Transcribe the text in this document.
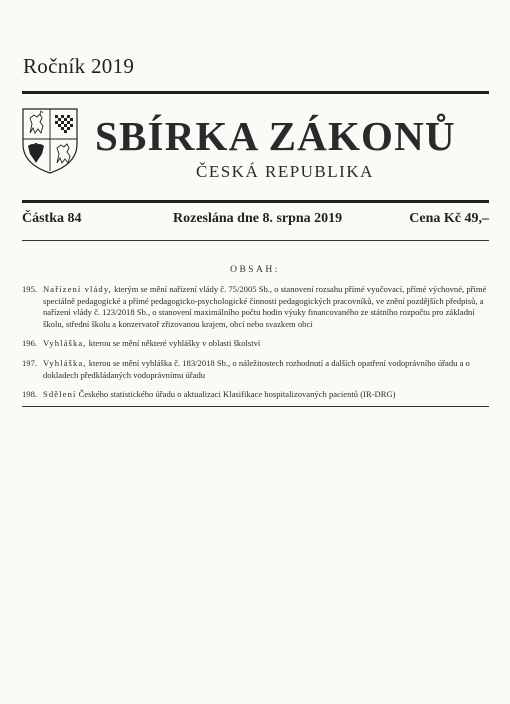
Ročník 2019
SBÍRKA ZÁKONŮ
ČESKÁ REPUBLIKA
Částka 84	Rozeslána dne 8. srpna 2019	Cena Kč 49,–
OBSAH:
195. Nařízení vlády, kterým se mění nařízení vlády č. 75/2005 Sb., o stanovení rozsahu přímé vyučovací, přímé výchovné, přímé speciálně pedagogické a přímé pedagogicko-psychologické činnosti pedagogických pracovníků, ve znění pozdějších předpisů, a nařízení vlády č. 123/2018 Sb., o stanovení maximálního počtu hodin výuky financovaného ze státního rozpočtu pro základní školu, střední školu a konzervatoř zřizovanou krajem, obcí nebo svazkem obcí
196. Vyhláška, kterou se mění některé vyhlášky v oblasti školství
197. Vyhláška, kterou se mění vyhláška č. 183/2018 Sb., o náležitostech rozhodnutí a dalších opatření vodoprávního úřadu a o dokladech předkládaných vodoprávnímu úřadu
198. Sdělení Českého statistického úřadu o aktualizaci Klasifikace hospitalizovaných pacientů (IR-DRG)
